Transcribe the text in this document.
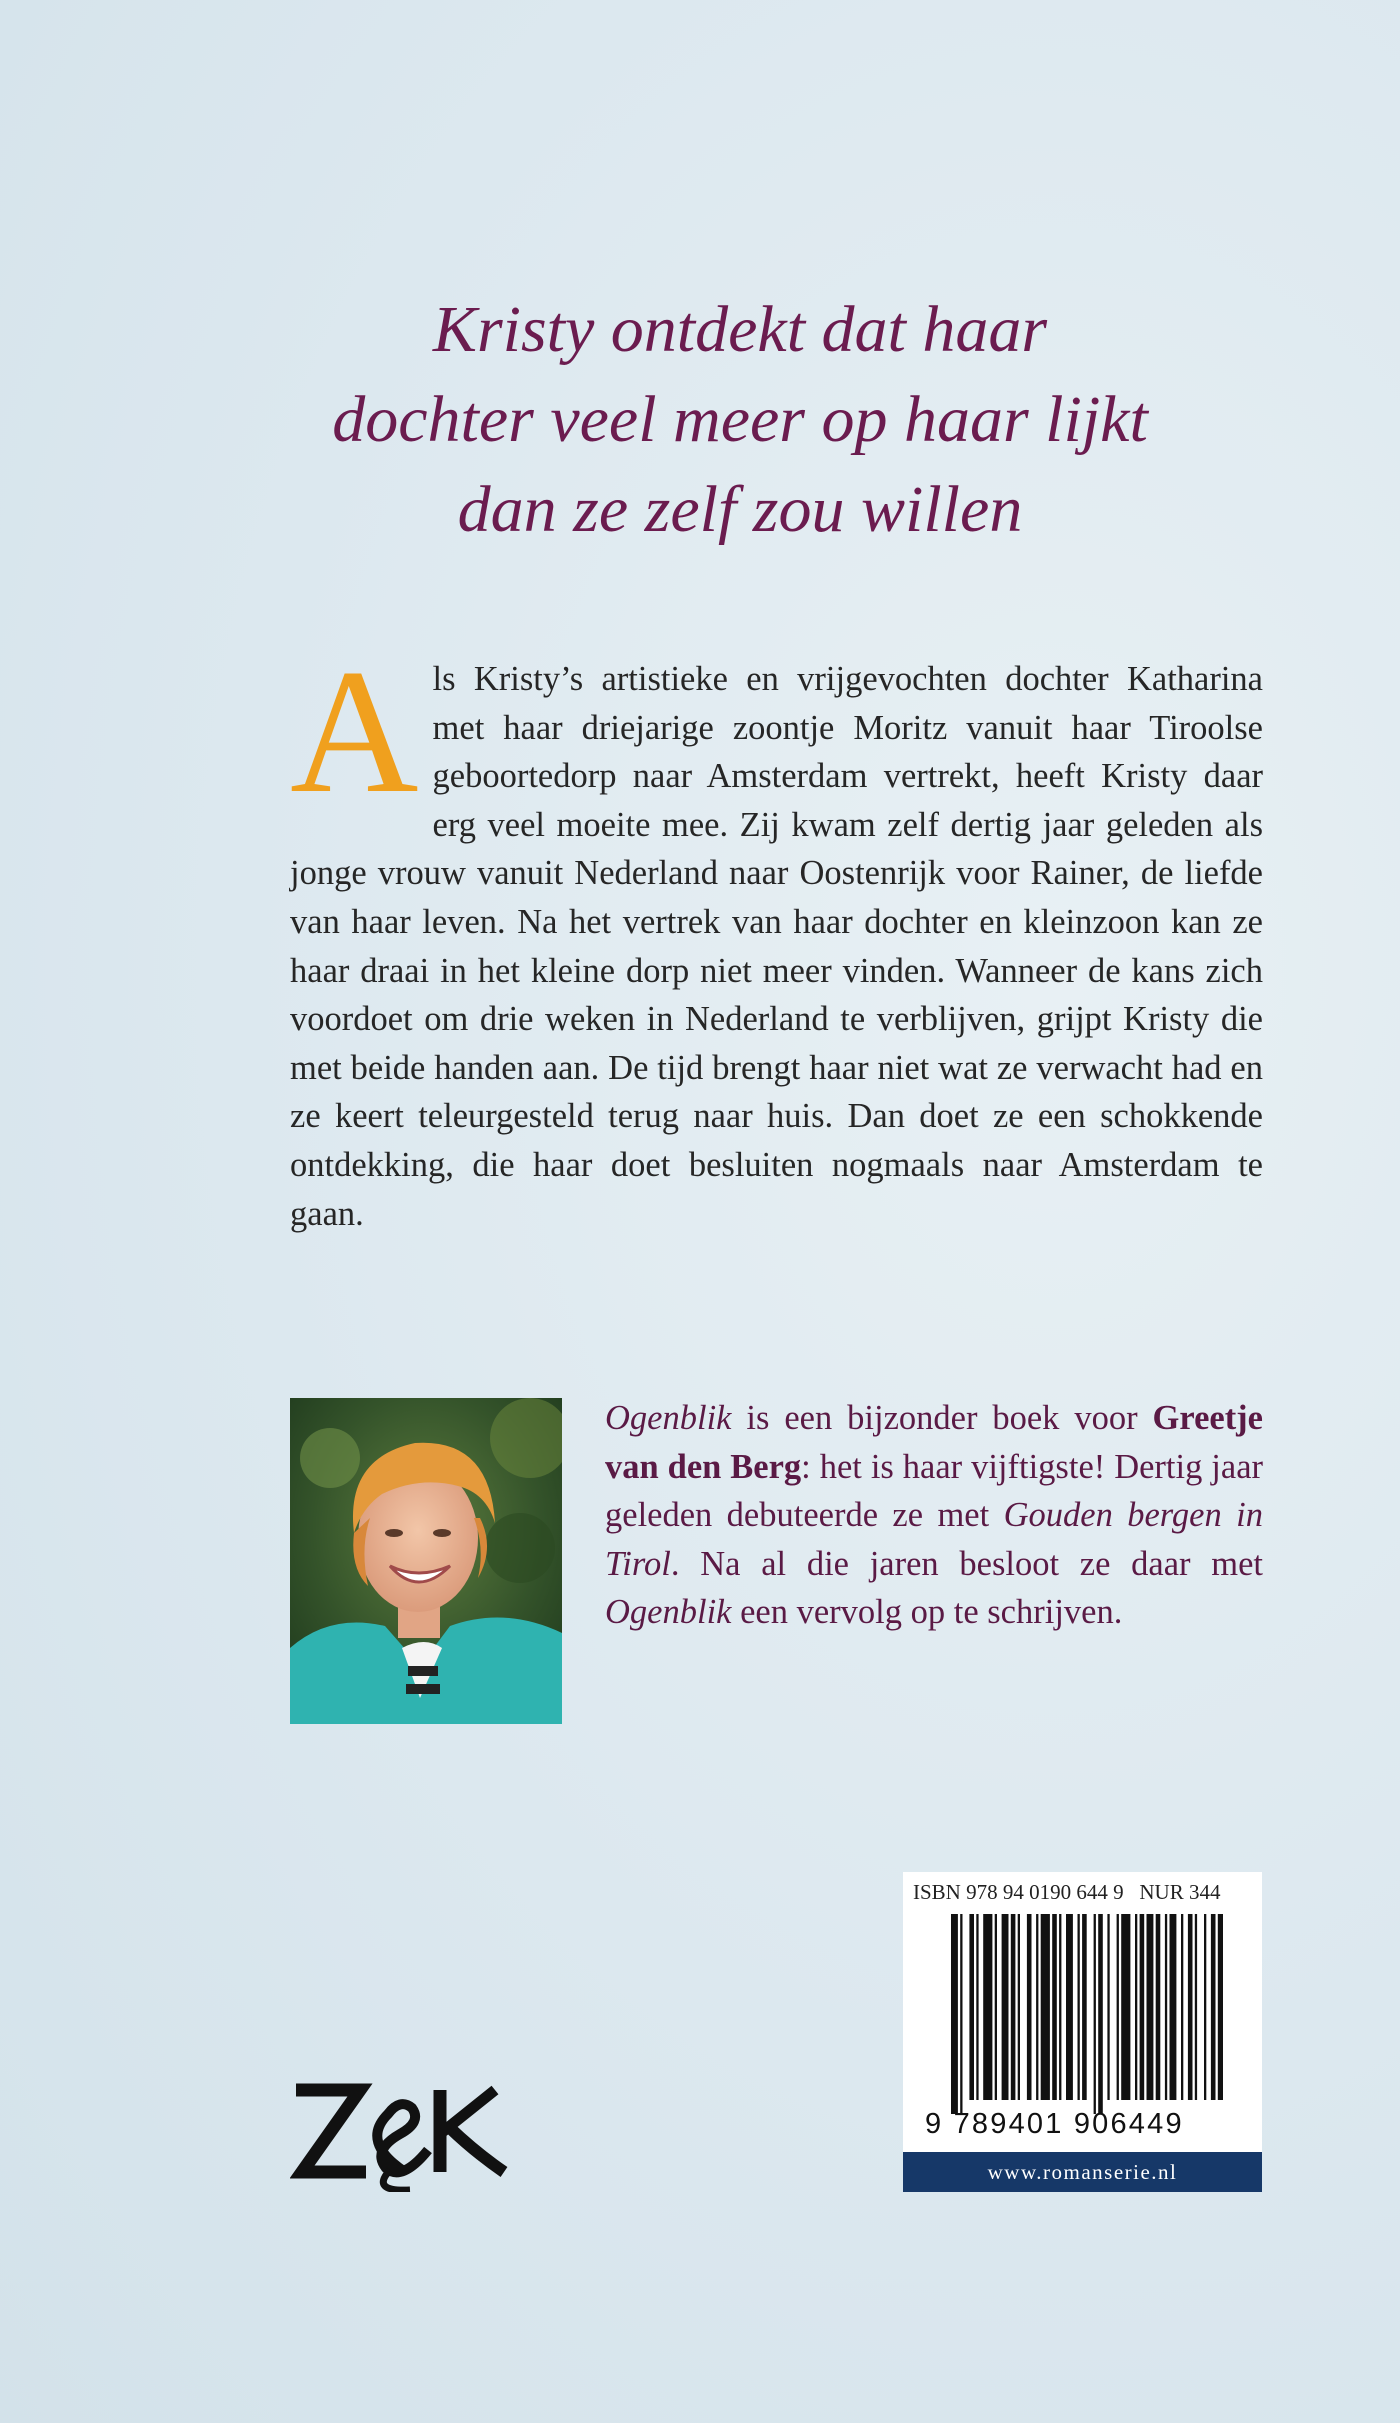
Kristy ontdekt dat haar
dochter veel meer op haar lijkt
dan ze zelf zou willen

Als Kristy’s artistieke en vrijgevochten dochter Katharina met haar driejarige zoontje Moritz vanuit haar Tiroolse geboortedorp naar Amsterdam vertrekt, heeft Kristy daar erg veel moeite mee. Zij kwam zelf dertig jaar geleden als jonge vrouw vanuit Nederland naar Oostenrijk voor Rainer, de liefde van haar leven. Na het vertrek van haar dochter en kleinzoon kan ze haar draai in het kleine dorp niet meer vinden. Wanneer de kans zich voordoet om drie weken in Nederland te verblijven, grijpt Kristy die met beide handen aan. De tijd brengt haar niet wat ze verwacht had en ze keert teleurgesteld terug naar huis. Dan doet ze een schokkende ontdekking, die haar doet besluiten nogmaals naar Amsterdam te gaan.

Ogenblik is een bijzonder boek voor Greetje van den Berg: het is haar vijftigste! Dertig jaar geleden debuteerde ze met Gouden bergen in Tirol. Na al die jaren besloot ze daar met Ogenblik een vervolg op te schrijven.

ISBN 978 94 0190 644 9 NUR 344
9 789401 906449
www.romanserie.nl
